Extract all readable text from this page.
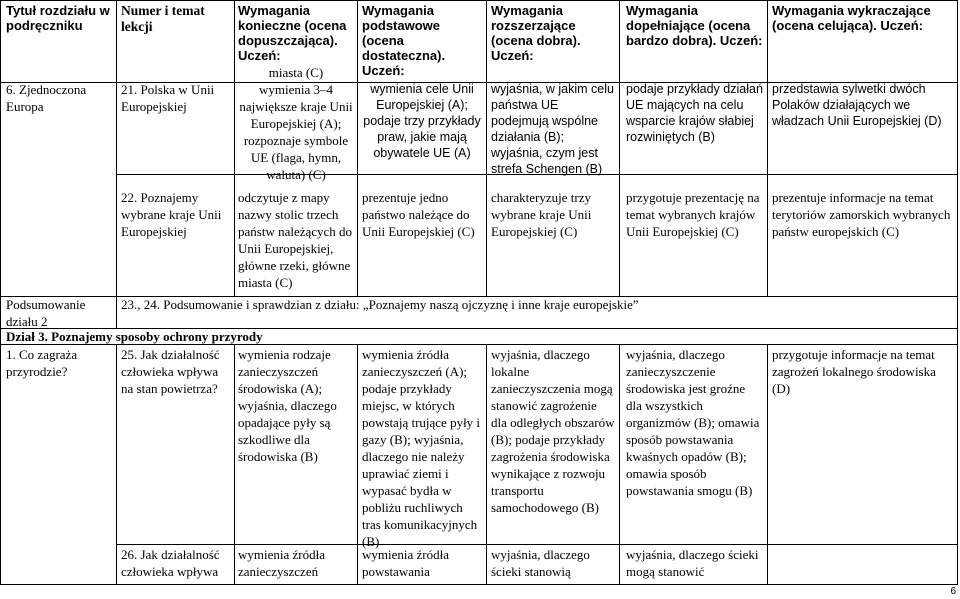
Tytuł rozdziału w podręczniku
Numer i temat lekcji
Wymagania konieczne (ocena dopuszczająca). Uczeń:
Wymagania podstawowe (ocena dostateczna). Uczeń:
Wymagania rozszerzające (ocena dobra). Uczeń:
Wymagania dopełniające (ocena bardzo dobra). Uczeń:
Wymagania wykraczające (ocena celująca). Uczeń:
6. Zjednoczona Europa
21. Polska w Unii Europejskiej
miasta (C)
wymienia 3–4 największe kraje Unii Europejskiej (A); rozpoznaje symbole UE (flaga, hymn, waluta) (C)
wymienia cele Unii Europejskiej (A); podaje trzy przykłady praw, jakie mają obywatele UE (A)
wyjaśnia, w jakim celu państwa UE podejmują wspólne działania (B); wyjaśnia, czym jest strefa Schengen (B)
podaje przykłady działań UE mających na celu wsparcie krajów słabiej rozwiniętych (B)
przedstawia sylwetki dwóch Polaków działających we władzach Unii Europejskiej (D)
22. Poznajemy wybrane kraje Unii Europejskiej
odczytuje z mapy nazwy stolic trzech państw należących do Unii Europejskiej, główne rzeki, główne miasta (C)
prezentuje jedno państwo należące do Unii Europejskiej (C)
charakteryzuje trzy wybrane kraje Unii Europejskiej (C)
przygotuje prezentację na temat wybranych krajów Unii Europejskiej (C)
prezentuje informacje na temat terytoriów zamorskich wybranych państw europejskich (C)
Podsumowanie działu 2
23., 24. Podsumowanie i sprawdzian z działu: „Poznajemy naszą ojczyznę i inne kraje europejskie”
Dział 3. Poznajemy sposoby ochrony przyrody
1. Co zagraża przyrodzie?
25. Jak działalność człowieka wpływa na stan powietrza?
wymienia rodzaje zanieczyszczeń środowiska (A); wyjaśnia, dlaczego opadające pyły są szkodliwe dla środowiska (B)
wymienia źródła zanieczyszczeń (A); podaje przykłady miejsc, w których powstają trujące pyły i gazy (B); wyjaśnia, dlaczego nie należy uprawiać ziemi i wypasać bydła w pobliżu ruchliwych tras komunikacyjnych (B)
wyjaśnia, dlaczego lokalne zanieczyszczenia mogą stanowić zagrożenie dla odległych obszarów (B); podaje przykłady zagrożenia środowiska wynikające z rozwoju transportu samochodowego (B)
wyjaśnia, dlaczego zanieczyszczenie środowiska jest groźne dla wszystkich organizmów (B); omawia sposób powstawania kwaśnych opadów (B); omawia sposób powstawania smogu (B)
przygotuje informacje na temat zagrożeń lokalnego środowiska (D)
26. Jak działalność człowieka wpływa
wymienia źródła zanieczyszczeń
wymienia źródła powstawania
wyjaśnia, dlaczego ścieki stanowią
wyjaśnia, dlaczego ścieki mogą stanowić
6
